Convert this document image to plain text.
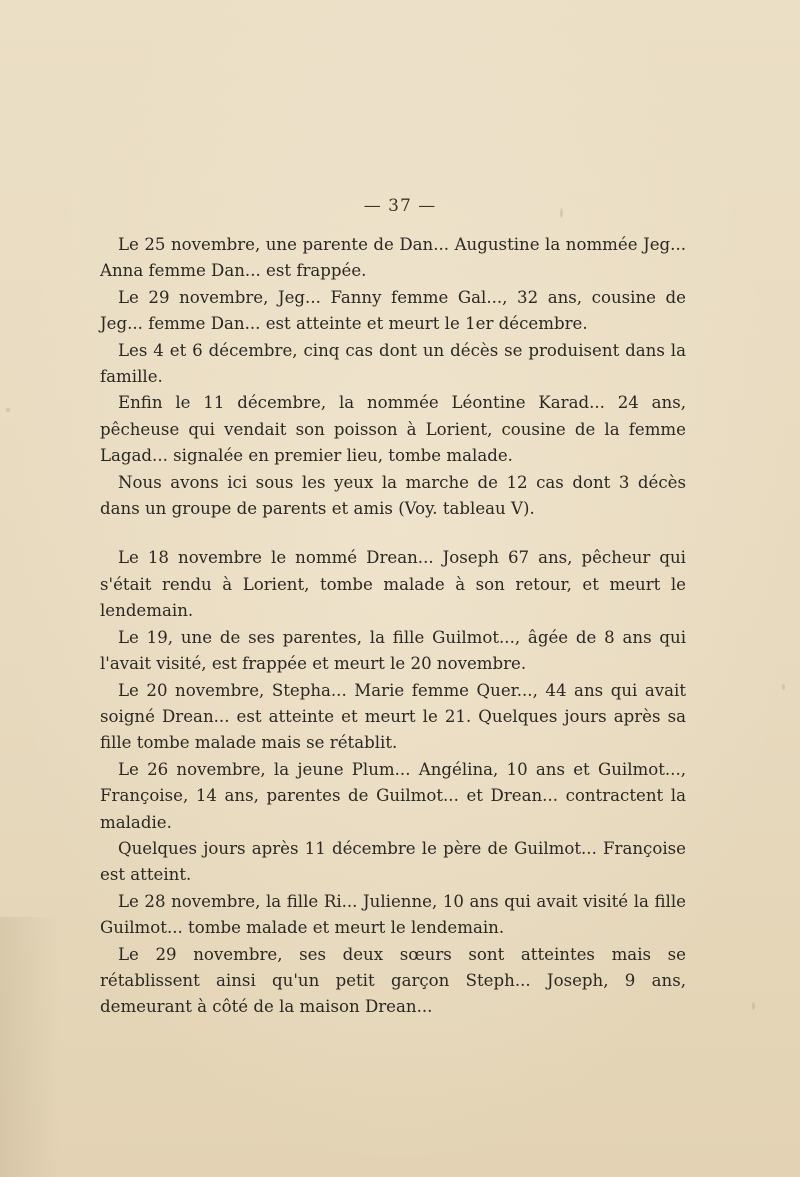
— 37 —

Le 25 novembre, une parente de Dan... Augustine la nommée Jeg... Anna femme Dan... est frappée.

Le 29 novembre, Jeg... Fanny femme Gal..., 32 ans, cousine de Jeg... femme Dan... est atteinte et meurt le 1er décembre.

Les 4 et 6 décembre, cinq cas dont un décès se produisent dans la famille.

Enfin le 11 décembre, la nommée Léontine Karad... 24 ans, pêcheuse qui vendait son poisson à Lorient, cousine de la femme Lagad... signalée en premier lieu, tombe malade.

Nous avons ici sous les yeux la marche de 12 cas dont 3 décès dans un groupe de parents et amis (Voy. tableau V).

Le 18 novembre le nommé Drean... Joseph 67 ans, pêcheur qui s'était rendu à Lorient, tombe malade à son retour, et meurt le lendemain.

Le 19, une de ses parentes, la fille Guilmot..., âgée de 8 ans qui l'avait visité, est frappée et meurt le 20 novembre.

Le 20 novembre, Stepha... Marie femme Quer..., 44 ans qui avait soigné Drean... est atteinte et meurt le 21. Quelques jours après sa fille tombe malade mais se rétablit.

Le 26 novembre, la jeune Plum... Angélina, 10 ans et Guilmot..., Françoise, 14 ans, parentes de Guilmot... et Drean... contractent la maladie.

Quelques jours après 11 décembre le père de Guilmot... Françoise est atteint.

Le 28 novembre, la fille Ri... Julienne, 10 ans qui avait visité la fille Guilmot... tombe malade et meurt le lendemain.

Le 29 novembre, ses deux sœurs sont atteintes mais se rétablissent ainsi qu'un petit garçon Steph... Joseph, 9 ans, demeurant à côté de la maison Drean...
